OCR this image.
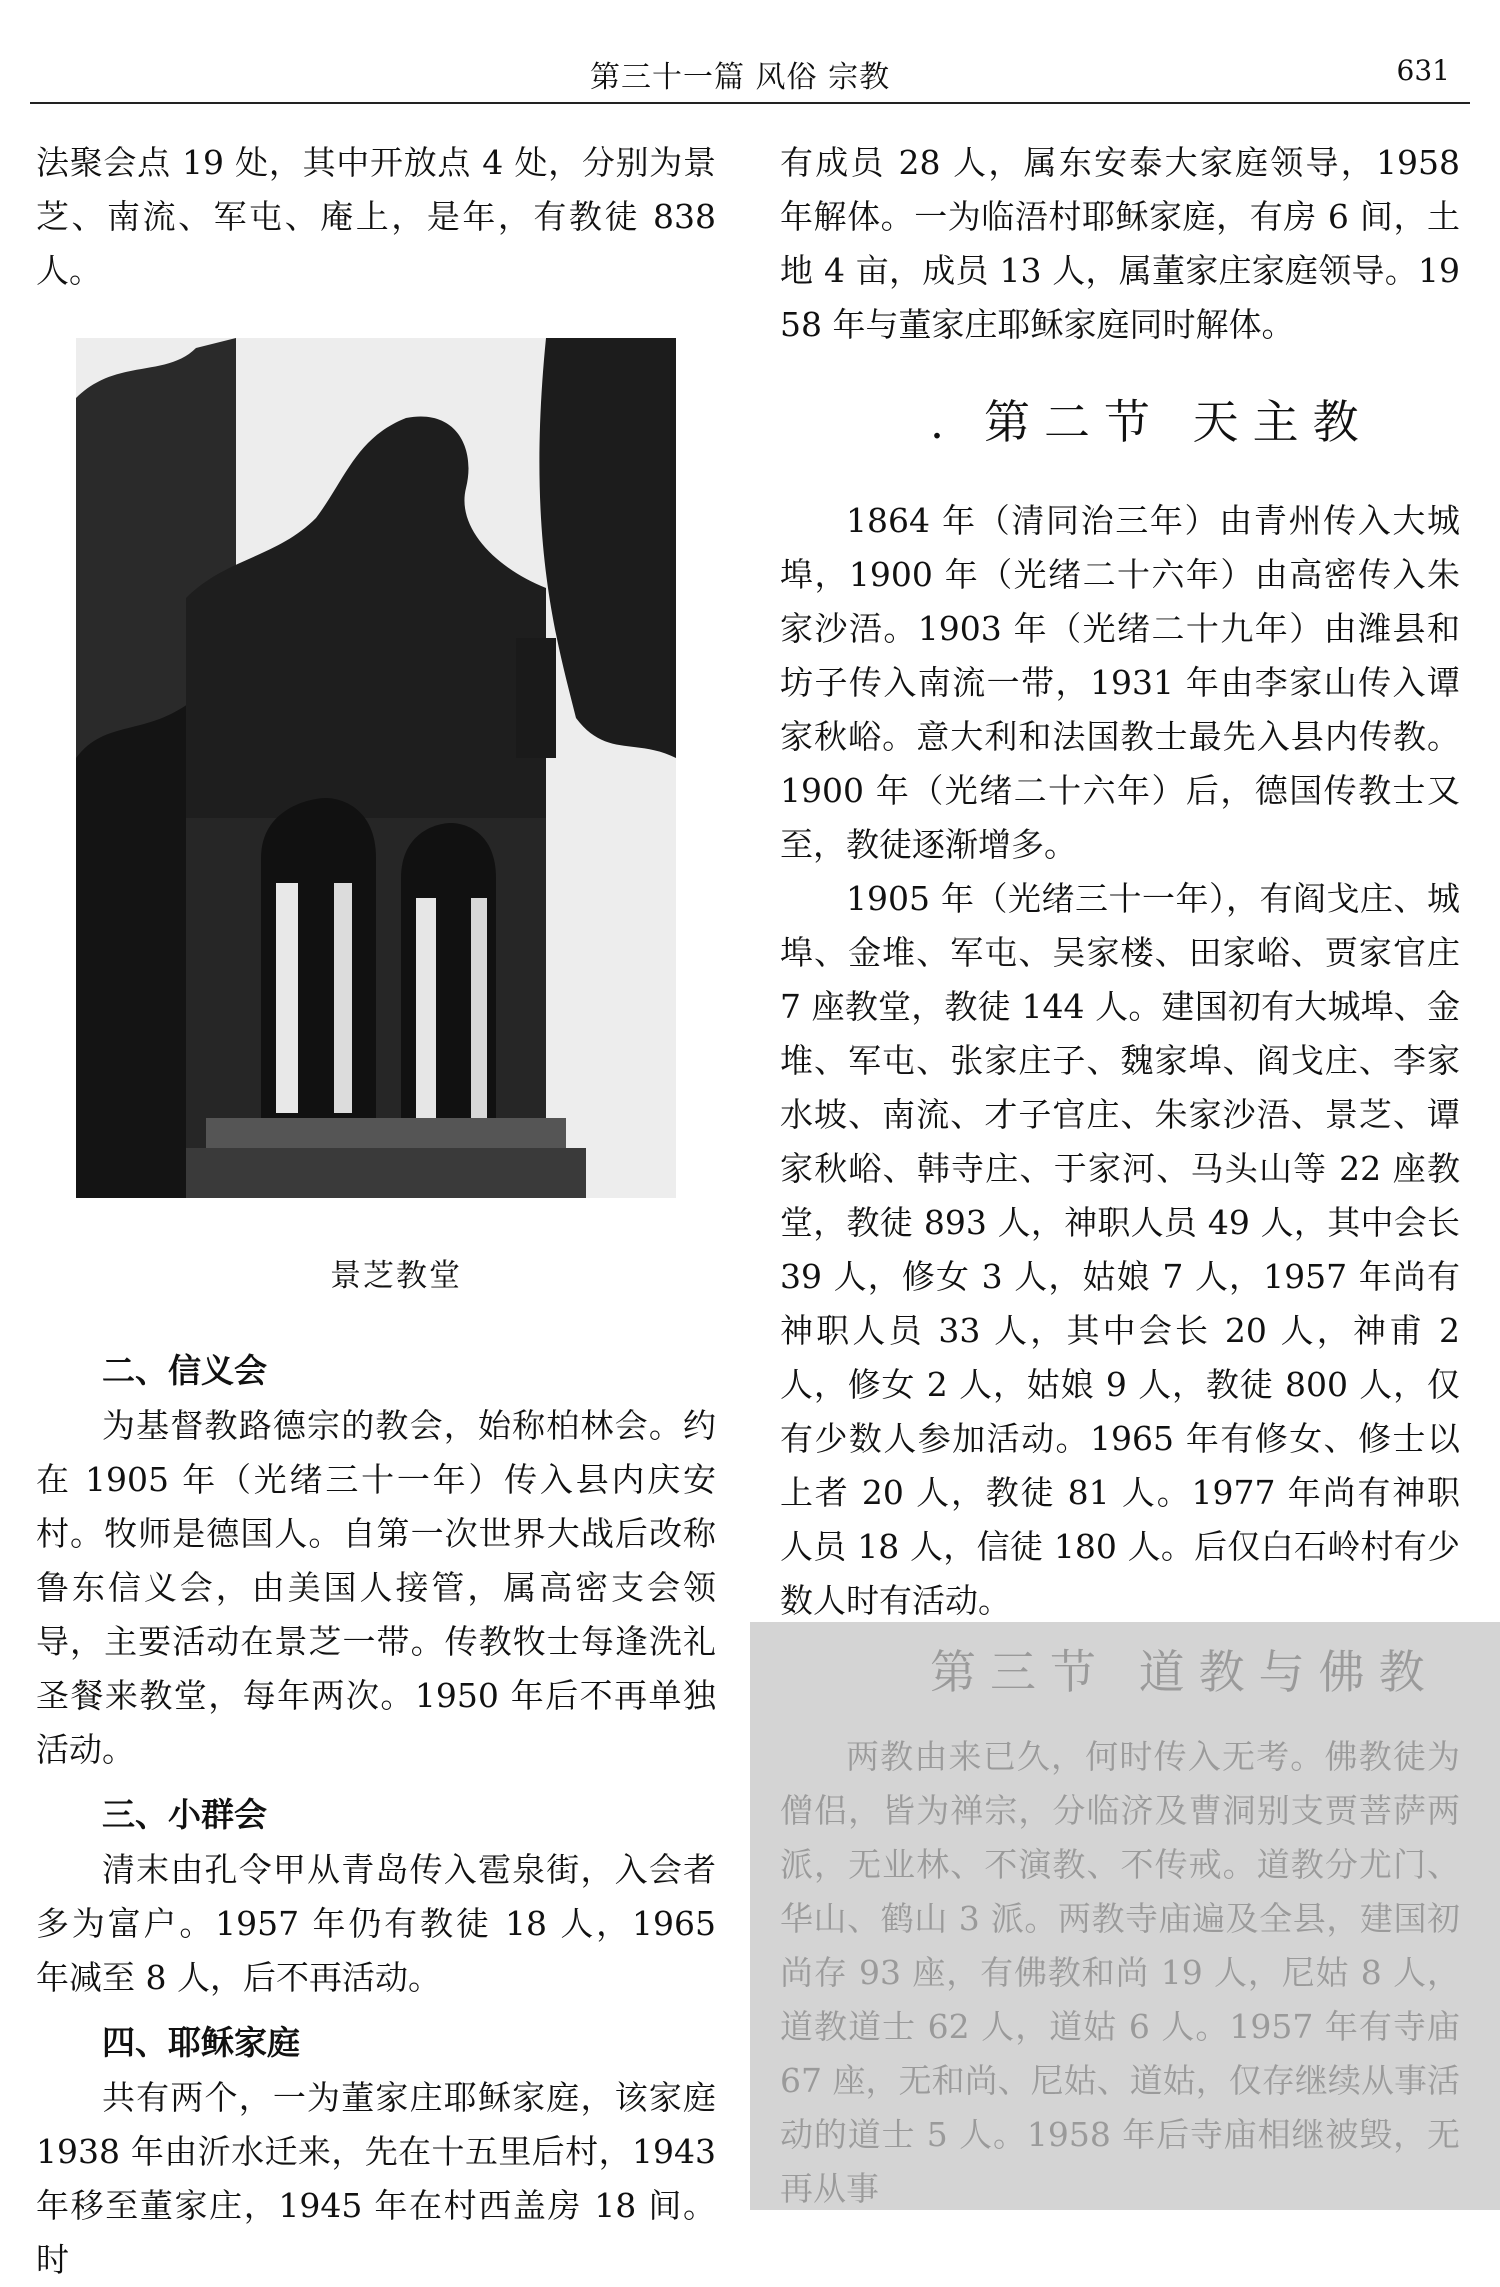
第三十一篇 风俗 宗教	631

法聚会点 19 处，其中开放点 4 处，分别为景芝、南流、军屯、庵上，是年，有教徒 838 人。

景芝教堂
二、信义会

为基督教路德宗的教会，始称柏林会。约在 1905 年（光绪三十一年）传入县内庆安村。牧师是德国人。自第一次世界大战后改称鲁东信义会，由美国人接管，属高密支会领导，主要活动在景芝一带。传教牧士每逢洗礼圣餐来教堂，每年两次。1950 年后不再单独活动。

三、小群会

清末由孔令甲从青岛传入雹泉街，入会者多为富户。1957 年仍有教徒 18 人，1965 年减至 8 人，后不再活动。

四、耶稣家庭

共有两个，一为董家庄耶稣家庭，该家庭 1938 年由沂水迁来，先在十五里后村，1943 年移至董家庄，1945 年在村西盖房 18 间。时

有成员 28 人，属东安泰大家庭领导，1958 年解体。一为临浯村耶稣家庭，有房 6 间，土地 4 亩，成员 13 人，属董家庄家庭领导。1958 年与董家庄耶稣家庭同时解体。

. 第二节 天主教

1864 年（清同治三年）由青州传入大城埠，1900 年（光绪二十六年）由高密传入朱家沙浯。1903 年（光绪二十九年）由潍县和坊子传入南流一带，1931 年由李家山传入谭家秋峪。意大利和法国教士最先入县内传教。1900 年（光绪二十六年）后，德国传教士又至，教徒逐渐增多。

1905 年（光绪三十一年），有阎戈庄、城埠、金堆、军屯、吴家楼、田家峪、贾家官庄 7 座教堂，教徒 144 人。建国初有大城埠、金堆、军屯、张家庄子、魏家埠、阎戈庄、李家水坡、南流、才子官庄、朱家沙浯、景芝、谭家秋峪、韩寺庄、于家河、马头山等 22 座教堂，教徒 893 人，神职人员 49 人，其中会长 39 人，修女 3 人，姑娘 7 人，1957 年尚有神职人员 33 人，其中会长 20 人，神甫 2 人，修女 2 人，姑娘 9 人，教徒 800 人，仅有少数人参加活动。1965 年有修女、修士以上者 20 人，教徒 81 人。1977 年尚有神职人员 18 人，信徒 180 人。后仅白石岭村有少数人时有活动。

第三节 道教与佛教

两教由来已久，何时传入无考。佛教徒为僧侣，皆为禅宗，分临济及曹洞别支贾菩萨两派，无业林、不演教、不传戒。道教分尤门、华山、鹤山 3 派。两教寺庙遍及全县，建国初尚存 93 座，有佛教和尚 19 人，尼姑 8 人，道教道士 62 人，道姑 6 人。1957 年有寺庙 67 座，无和尚、尼姑、道姑，仅存继续从事活动的道士 5 人。1958 年后寺庙相继被毁，无再从事
